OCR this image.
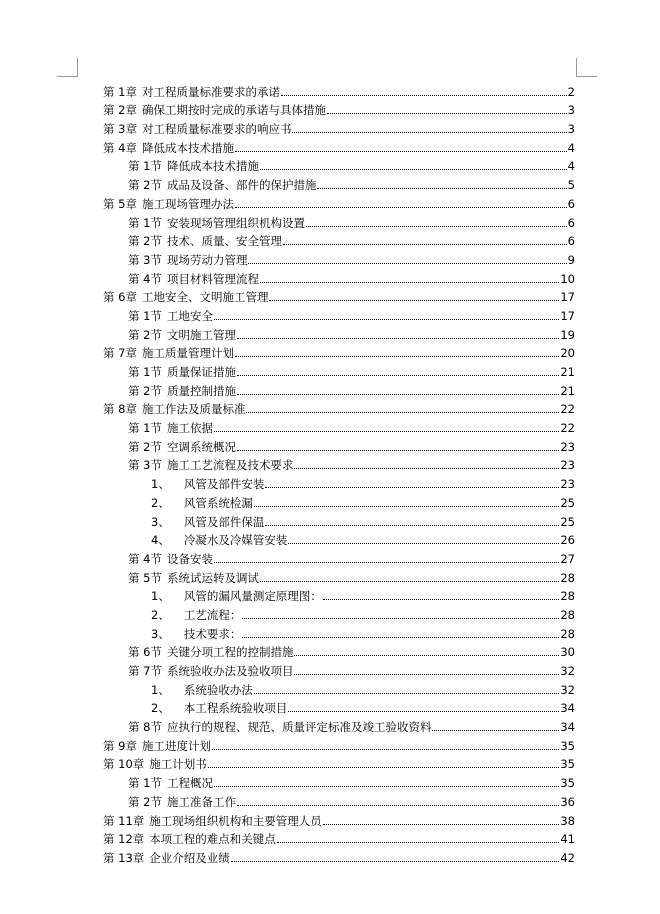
第 1章 对工程质量标准要求的承诺	2
第 2章 确保工期按时完成的承诺与具体措施	3
第 3章 对工程质量标准要求的响应书	3
第 4章 降低成本技术措施	4
第 1节 降低成本技术措施	4
第 2节 成品及设备、部件的保护措施	5
第 5章 施工现场管理办法	6
第 1节 安装现场管理组织机构设置	6
第 2节 技术、质量、安全管理	6
第 3节 现场劳动力管理	9
第 4节 项目材料管理流程	10
第 6章 工地安全、文明施工管理	17
第 1节 工地安全	17
第 2节 文明施工管理	19
第 7章 施工质量管理计划	20
第 1节 质量保证措施	21
第 2节 质量控制措施	21
第 8章 施工作法及质量标准	22
第 1节 施工依据	22
第 2节 空调系统概况	23
第 3节 施工工艺流程及技术要求	23
1、 风管及部件安装	23
2、 风管系统检漏	25
3、 风管及部件保温	25
4、 冷凝水及冷媒管安装	26
第 4节 设备安装	27
第 5节 系统试运转及调试	28
1、 风管的漏风量测定原理图：	28
2、 工艺流程：	28
3、 技术要求：	28
第 6节 关键分项工程的控制措施	30
第 7节 系统验收办法及验收项目	32
1、 系统验收办法	32
2、 本工程系统验收项目	34
第 8节 应执行的规程、规范、质量评定标准及竣工验收资料	34
第 9章 施工进度计划	35
第 10章 施工计划书	35
第 1节 工程概况	35
第 2节 施工准备工作	36
第 11章 施工现场组织机构和主要管理人员	38
第 12章 本项工程的难点和关键点	41
第 13章 企业介绍及业绩	42
